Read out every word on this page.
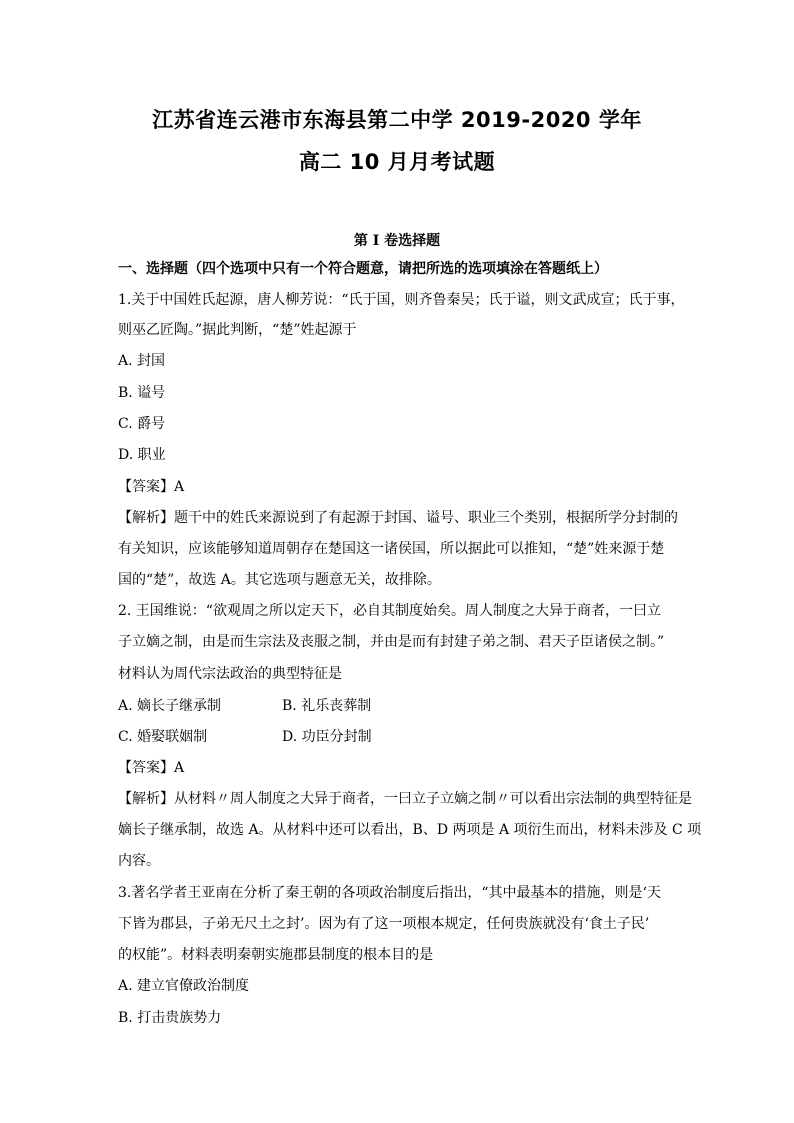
江苏省连云港市东海县第二中学 2019-2020 学年
高二 10 月月考试题
第 I 卷选择题
一、选择题（四个选项中只有一个符合题意，请把所选的选项填涂在答题纸上）
1.关于中国姓氏起源，唐人柳芳说：“氏于国，则齐鲁秦吴；氏于谥，则文武成宣；氏于事，
则巫乙匠陶。”据此判断，“楚”姓起源于
A. 封国
B. 谥号
C. 爵号
D. 职业
【答案】A
【解析】题干中的姓氏来源说到了有起源于封国、谥号、职业三个类别，根据所学分封制的
有关知识，应该能够知道周朝存在楚国这一诸侯国，所以据此可以推知，“楚”姓来源于楚
国的“楚”，故选 A。其它选项与题意无关，故排除。
2. 王国维说：“欲观周之所以定天下，必自其制度始矣。周人制度之大异于商者，一曰立
子立嫡之制，由是而生宗法及丧服之制，并由是而有封建子弟之制、君天子臣诸侯之制。”
材料认为周代宗法政治的典型特征是
A. 嫡长子继承制	B. 礼乐丧葬制
C. 婚娶联姻制	D. 功臣分封制
【答案】A
【解析】从材料〃周人制度之大异于商者，一曰立子立嫡之制〃可以看出宗法制的典型特征是
嫡长子继承制，故选 A。从材料中还可以看出，B、D 两项是 A 项衍生而出，材料未涉及 C 项
内容。
3.著名学者王亚南在分析了秦王朝的各项政治制度后指出，“其中最基本的措施，则是‘天
下皆为郡县，子弟无尺土之封’。因为有了这一项根本规定，任何贵族就没有‘食土子民’
的权能”。材料表明秦朝实施郡县制度的根本目的是
A. 建立官僚政治制度
B. 打击贵族势力
